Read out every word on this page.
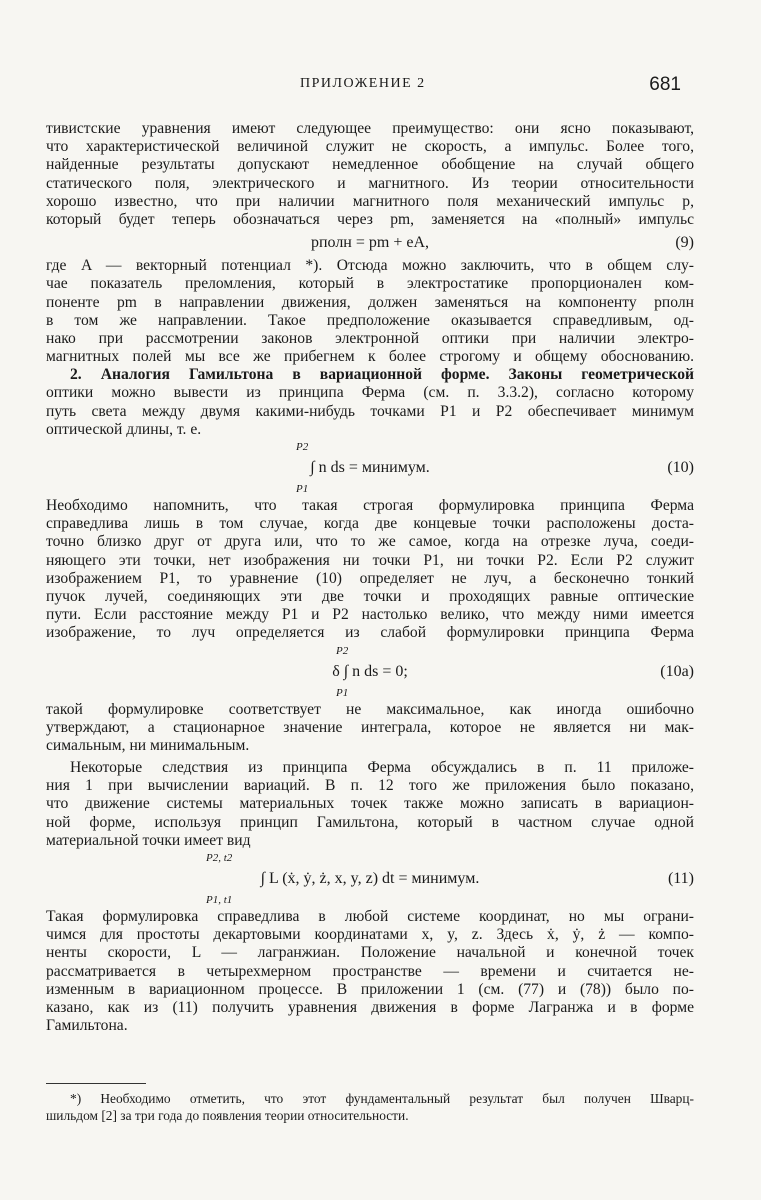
ПРИЛОЖЕНИЕ 2	681
тивистские уравнения имеют следующее преимущество: они ясно показывают,
что характеристической величиной служит не скорость, а импульс. Более того,
найденные результаты допускают немедленное обобщение на случай общего
статического поля, электрического и магнитного. Из теории относительности
хорошо известно, что при наличии магнитного поля механический импульс p,
который будет теперь обозначаться через pm, заменяется на «полный» импульс
pполн = pm + eA,	(9)
где A — векторный потенциал *). Отсюда можно заключить, что в общем слу-
чае показатель преломления, который в электростатике пропорционален ком-
поненте pm в направлении движения, должен заменяться на компоненту pполн
в том же направлении. Такое предположение оказывается справедливым, од-
нако при рассмотрении законов электронной оптики при наличии электро-
магнитных полей мы все же прибегнем к более строгому и общему обоснованию.
2. Аналогия Гамильтона в вариационной форме. Законы геометрической
оптики можно вывести из принципа Ферма (см. п. 3.3.2), согласно которому
путь света между двумя какими-нибудь точками P1 и P2 обеспечивает минимум
оптической длины, т. е.
P2
P1
∫ n ds = минимум.	(10)
Необходимо напомнить, что такая строгая формулировка принципа Ферма
справедлива лишь в том случае, когда две концевые точки расположены доста-
точно близко друг от друга или, что то же самое, когда на отрезке луча, соеди-
няющего эти точки, нет изображения ни точки P1, ни точки P2. Если P2 служит
изображением P1, то уравнение (10) определяет не луч, а бесконечно тонкий
пучок лучей, соединяющих эти две точки и проходящих равные оптические
пути. Если расстояние между P1 и P2 настолько велико, что между ними имеется
изображение, то луч определяется из слабой формулировки принципа Ферма
P2
P1
δ ∫ n ds = 0;	(10a)
такой формулировке соответствует не максимальное, как иногда ошибочно
утверждают, а стационарное значение интеграла, которое не является ни мак-
симальным, ни минимальным.
Некоторые следствия из принципа Ферма обсуждались в п. 11 приложе-
ния 1 при вычислении вариаций. В п. 12 того же приложения было показано,
что движение системы материальных точек также можно записать в вариацион-
ной форме, используя принцип Гамильтона, который в частном случае одной
материальной точки имеет вид
P2, t2
P1, t1
∫ L (ẋ, ẏ, ż, x, y, z) dt = минимум.	(11)
Такая формулировка справедлива в любой системе координат, но мы ограни-
чимся для простоты декартовыми координатами x, y, z. Здесь ẋ, ẏ, ż — компо-
ненты скорости, L — лагранжиан. Положение начальной и конечной точек
рассматривается в четырехмерном пространстве — времени и считается не-
изменным в вариационном процессе. В приложении 1 (см. (77) и (78)) было по-
казано, как из (11) получить уравнения движения в форме Лагранжа и в форме
Гамильтона.
*) Необходимо отметить, что этот фундаментальный результат был получен Шварц-
шильдом [2] за три года до появления теории относительности.
